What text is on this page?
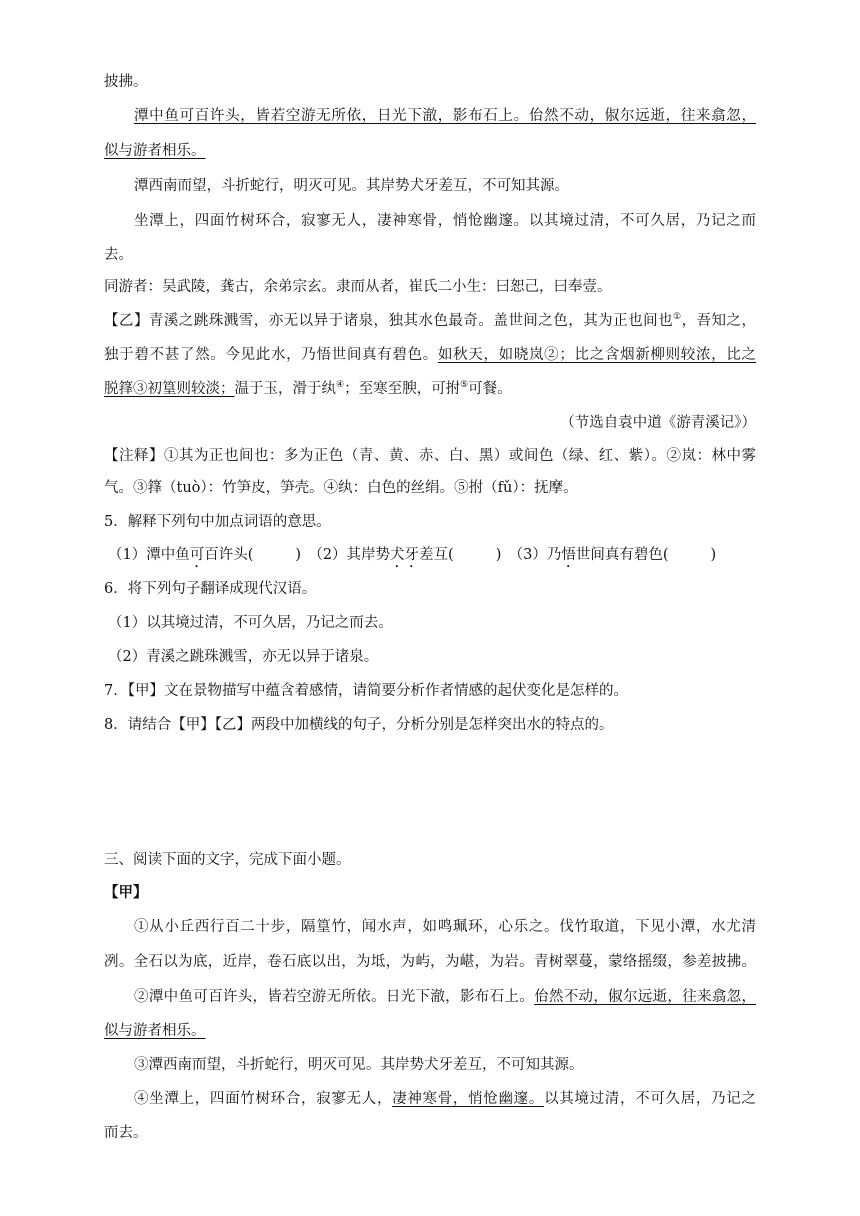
披拂。
潭中鱼可百许头，皆若空游无所依，日光下澈，影布石上。佁然不动，俶尔远逝，往来翕忽，
似与游者相乐。
潭西南而望，斗折蛇行，明灭可见。其岸势犬牙差互，不可知其源。
坐潭上，四面竹树环合，寂寥无人，凄神寒骨，悄怆幽邃。以其境过清，不可久居，乃记之而
去。
同游者：吴武陵，龚古，余弟宗玄。隶而从者，崔氏二小生：曰恕己，曰奉壹。
【乙】青溪之跳珠溅雪，亦无以异于诸泉，独其水色最奇。盖世间之色，其为正也间也①，吾知之，
独于碧不甚了然。今见此水，乃悟世间真有碧色。如秋天，如晓岚②；比之含烟新柳则较浓，比之
脱箨③初篁则较淡；温于玉，滑于纨④；至寒至腴，可拊⑤可餐。
（节选自袁中道《游青溪记》）
【注释】①其为正也间也：多为正色（青、黄、赤、白、黑）或间色（绿、红、紫）。②岚：林中雾
气。③箨（tuò）：竹笋皮，笋壳。④纨：白色的丝绢。⑤拊（fǔ）：抚摩。
5．解释下列句中加点词语的意思。
（1）潭中鱼可百许头(	)　（2）其岸势犬牙差互(	)　（3）乃悟世间真有碧色(	)
6．将下列句子翻译成现代汉语。
（1）以其境过清，不可久居，乃记之而去。
（2）青溪之跳珠溅雪，亦无以异于诸泉。
7．【甲】文在景物描写中蕴含着感情，请简要分析作者情感的起伏变化是怎样的。
8．请结合【甲】【乙】两段中加横线的句子，分析分别是怎样突出水的特点的。
三、阅读下面的文字，完成下面小题。
【甲】
①从小丘西行百二十步，隔篁竹，闻水声，如鸣珮环，心乐之。伐竹取道，下见小潭，水尤清
冽。全石以为底，近岸，卷石底以出，为坻，为屿，为嵁，为岩。青树翠蔓，蒙络摇缀，参差披拂。
②潭中鱼可百许头，皆若空游无所依。日光下澈，影布石上。佁然不动，俶尔远逝，往来翕忽，
似与游者相乐。
③潭西南而望，斗折蛇行，明灭可见。其岸势犬牙差互，不可知其源。
④坐潭上，四面竹树环合，寂寥无人，凄神寒骨，悄怆幽邃。以其境过清，不可久居，乃记之
而去。
